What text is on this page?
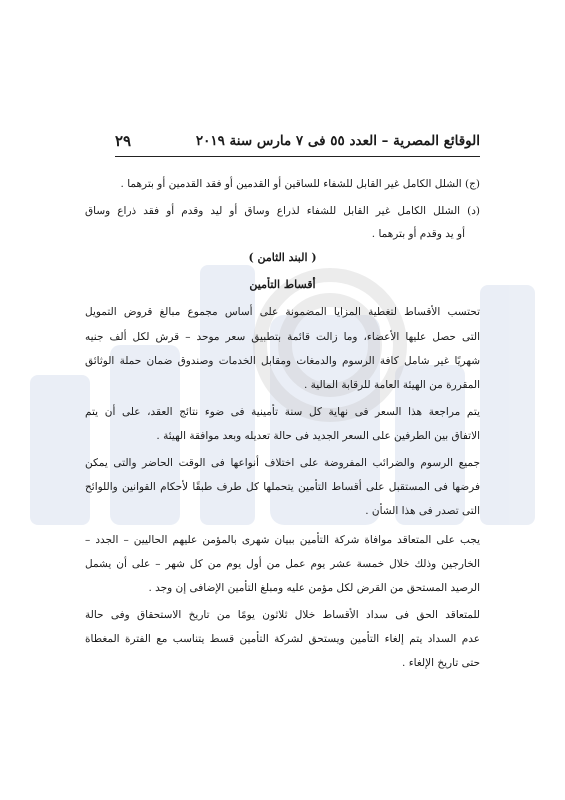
الوقائع المصرية – العدد ٥٥ فى ٧ مارس سنة ٢٠١٩
٢٩
(ج) الشلل الكامل غير القابل للشفاء للساقين أو القدمين أو فقد القدمين أو بترهما .
(د) الشلل الكامل غير القابل للشفاء لذراع وساق أو ليد وقدم أو فقد ذراع وساق
أو يد وقدم أو بترهما .
( البند الثامن )
أقساط التأمين
تحتسب الأقساط لتغطية المزايا المضمونة على أساس مجموع مبالغ قروض التمويل
التى حصل عليها الأعضاء، وما زالت قائمة بتطبيق سعر موحد – قرش لكل ألف جنيه
شهريًا غير شامل كافة الرسوم والدمغات ومقابل الخدمات وصندوق ضمان حملة الوثائق
المقررة من الهيئة العامة للرقابة المالية .
يتم مراجعة هذا السعر فى نهاية كل سنة تأمينية فى ضوء نتائج العقد، على أن يتم
الاتفاق بين الطرفين على السعر الجديد فى حالة تعديله وبعد موافقة الهيئة .
جميع الرسوم والضرائب المفروضة على اختلاف أنواعها فى الوقت الحاضر والتى يمكن
فرضها فى المستقبل على أقساط التأمين يتحملها كل طرف طبقًا لأحكام القوانين واللوائح
التى تصدر فى هذا الشأن .
يجب على المتعاقد موافاة شركة التأمين ببيان شهرى بالمؤمن عليهم الحاليين – الجدد –
الخارجين وذلك خلال خمسة عشر يوم عمل من أول يوم من كل شهر – على أن يشمل
الرصيد المستحق من القرض لكل مؤمن عليه ومبلغ التأمين الإضافى إن وجد .
للمتعاقد الحق فى سداد الأقساط خلال ثلاثون يومًا من تاريخ الاستحقاق وفى حالة
عدم السداد يتم إلغاء التأمين ويستحق لشركة التأمين قسط يتناسب مع الفترة المغطاة
حتى تاريخ الإلغاء .
